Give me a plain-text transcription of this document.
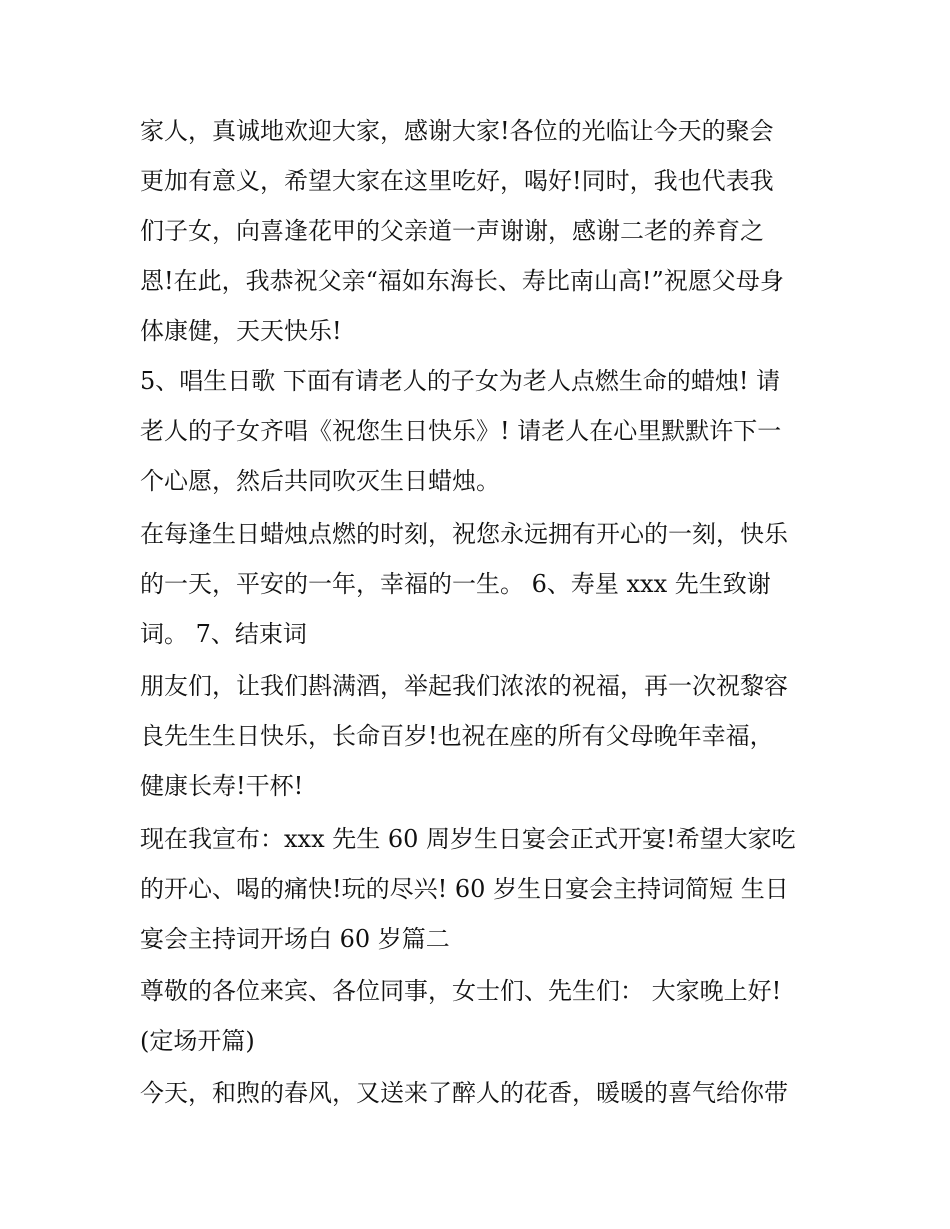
家人，真诚地欢迎大家，感谢大家!各位的光临让今天的聚会
更加有意义，希望大家在这里吃好，喝好!同时，我也代表我
们子女，向喜逢花甲的父亲道一声谢谢，感谢二老的养育之
恩!在此，我恭祝父亲“福如东海长、寿比南山高!”祝愿父母身
体康健，天天快乐!
5、唱生日歌 下面有请老人的子女为老人点燃生命的蜡烛! 请
老人的子女齐唱《祝您生日快乐》! 请老人在心里默默许下一
个心愿，然后共同吹灭生日蜡烛。
在每逢生日蜡烛点燃的时刻，祝您永远拥有开心的一刻，快乐
的一天，平安的一年，幸福的一生。 6、寿星 xxx 先生致谢
词。 7、结束词
朋友们，让我们斟满酒，举起我们浓浓的祝福，再一次祝黎容
良先生生日快乐，长命百岁!也祝在座的所有父母晚年幸福，
健康长寿!干杯!
现在我宣布：xxx 先生 60 周岁生日宴会正式开宴!希望大家吃
的开心、喝的痛快!玩的尽兴! 60 岁生日宴会主持词简短 生日
宴会主持词开场白 60 岁篇二
尊敬的各位来宾、各位同事，女士们、先生们： 大家晚上好!
(定场开篇)
今天，和煦的春风，又送来了醉人的花香，暖暖的喜气给你带
